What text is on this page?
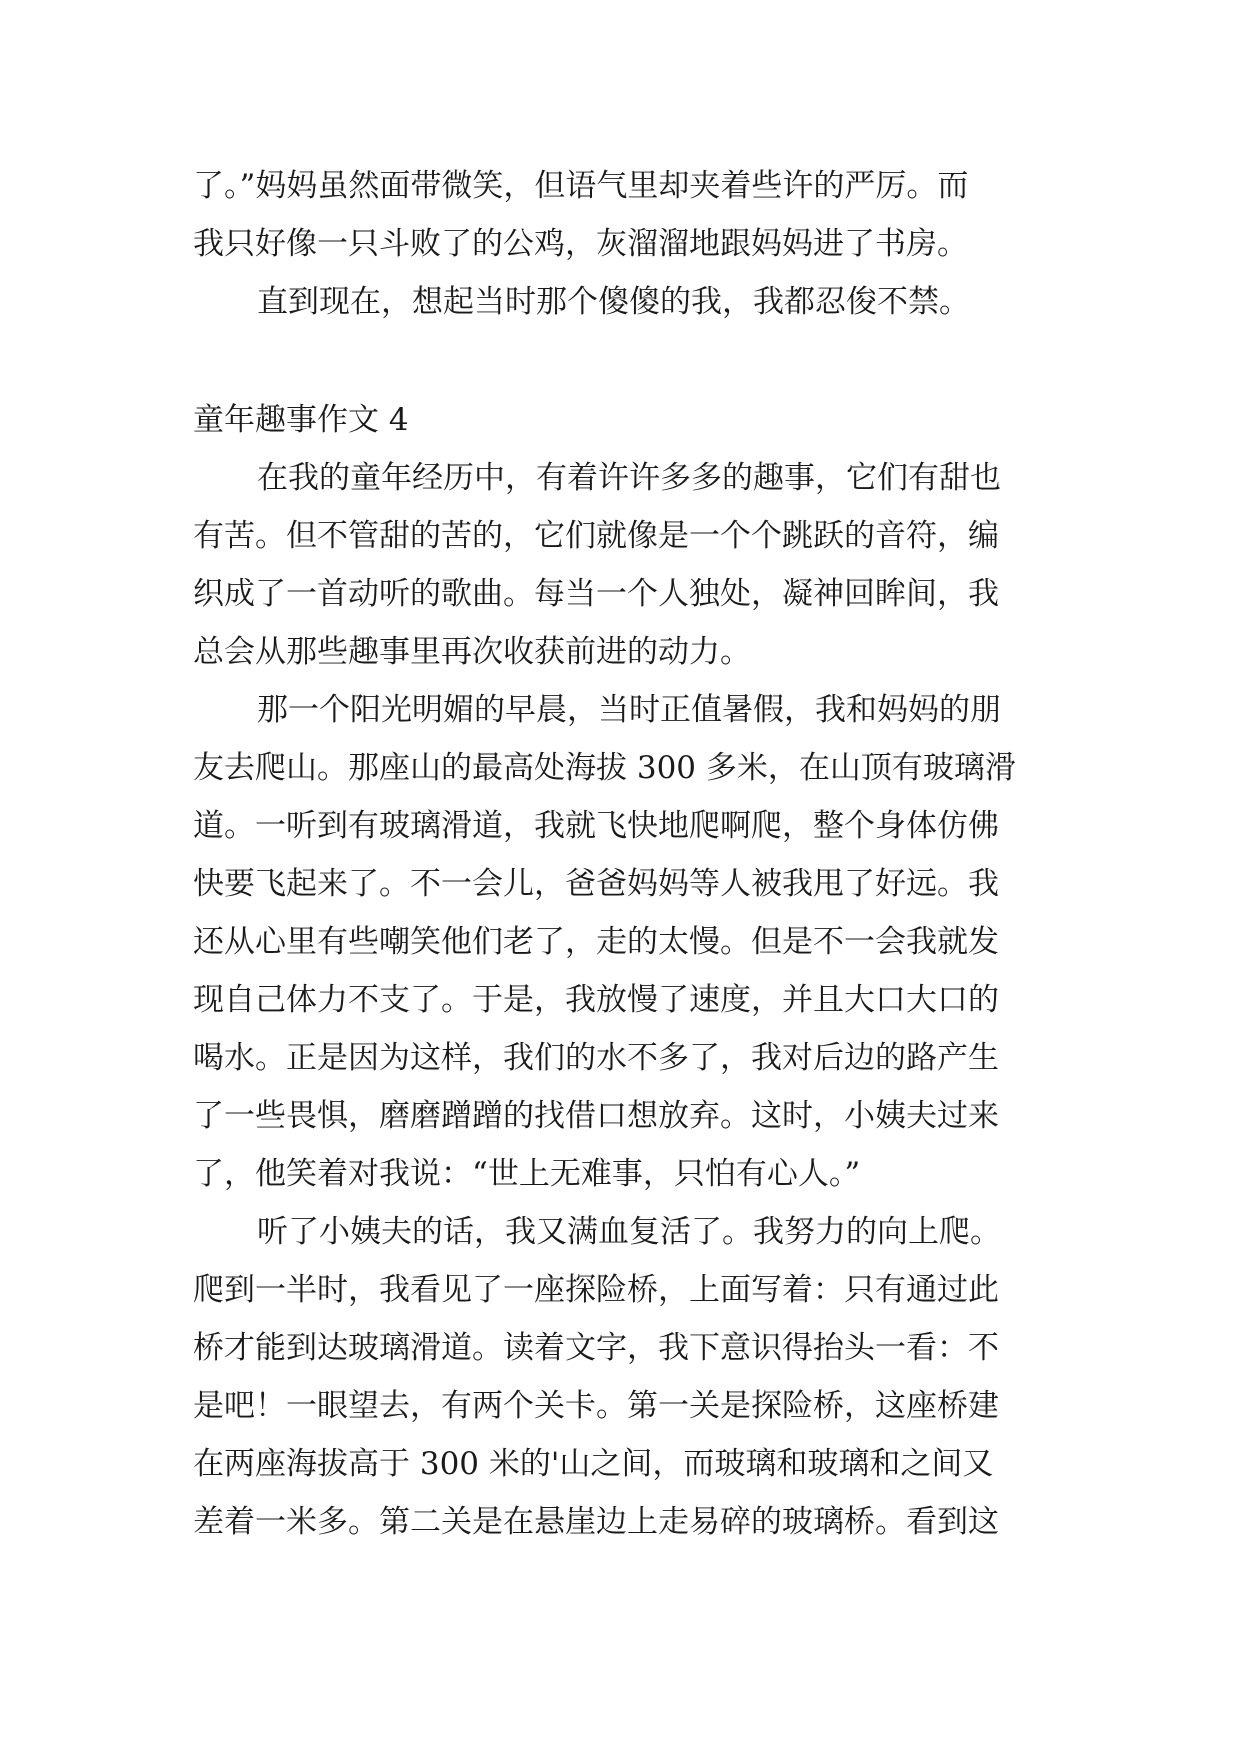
了。”妈妈虽然面带微笑，但语气里却夹着些许的严厉。而
我只好像一只斗败了的公鸡，灰溜溜地跟妈妈进了书房。
直到现在，想起当时那个傻傻的我，我都忍俊不禁。
童年趣事作文 4
在我的童年经历中，有着许许多多的趣事，它们有甜也
有苦。但不管甜的苦的，它们就像是一个个跳跃的音符，编
织成了一首动听的歌曲。每当一个人独处，凝神回眸间，我
总会从那些趣事里再次收获前进的动力。
那一个阳光明媚的早晨，当时正值暑假，我和妈妈的朋
友去爬山。那座山的最高处海拔 300 多米，在山顶有玻璃滑
道。一听到有玻璃滑道，我就飞快地爬啊爬，整个身体仿佛
快要飞起来了。不一会儿，爸爸妈妈等人被我甩了好远。我
还从心里有些嘲笑他们老了，走的太慢。但是不一会我就发
现自己体力不支了。于是，我放慢了速度，并且大口大口的
喝水。正是因为这样，我们的水不多了，我对后边的路产生
了一些畏惧，磨磨蹭蹭的找借口想放弃。这时，小姨夫过来
了，他笑着对我说：“世上无难事，只怕有心人。”
听了小姨夫的话，我又满血复活了。我努力的向上爬。
爬到一半时，我看见了一座探险桥，上面写着：只有通过此
桥才能到达玻璃滑道。读着文字，我下意识得抬头一看：不
是吧！一眼望去，有两个关卡。第一关是探险桥，这座桥建
在两座海拔高于 300 米的'山之间，而玻璃和玻璃和之间又
差着一米多。第二关是在悬崖边上走易碎的玻璃桥。看到这
